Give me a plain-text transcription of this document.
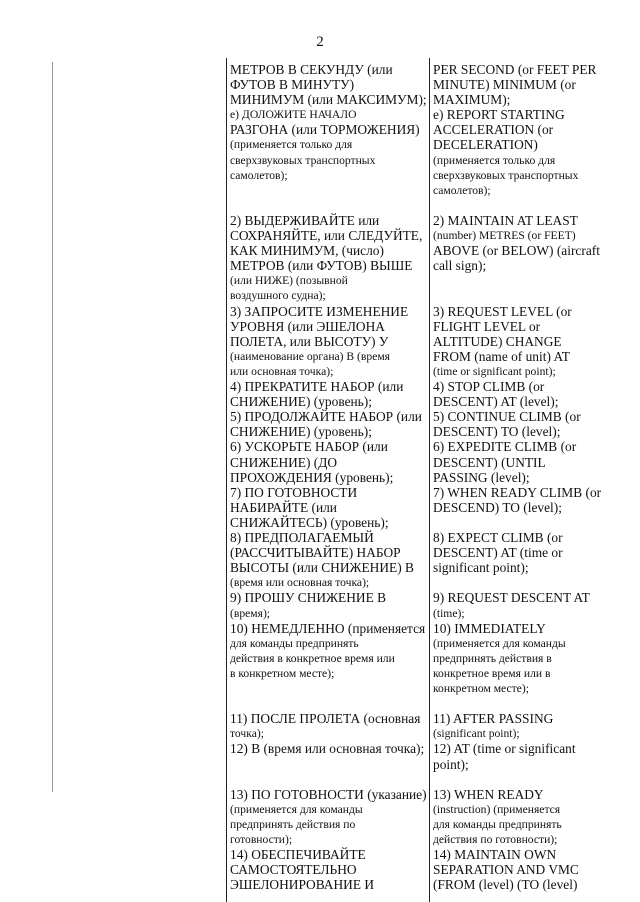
2
МЕТРОВ В СЕКУНДУ (или
ФУТОВ В МИНУТУ)
МИНИМУМ (или МАКСИМУМ);
е) ДОЛОЖИТЕ НАЧАЛО
РАЗГОНА (или ТОРМОЖЕНИЯ)
(применяется только для
сверхзвуковых транспортных
самолетов);
2) ВЫДЕРЖИВАЙТЕ или
СОХРАНЯЙТЕ, или СЛЕДУЙТЕ,
КАК МИНИМУМ, (число)
МЕТРОВ (или ФУТОВ) ВЫШЕ
(или НИЖЕ) (позывной
воздушного судна);
3) ЗАПРОСИТЕ ИЗМЕНЕНИЕ
УРОВНЯ (или ЭШЕЛОНА
ПОЛЕТА, или ВЫСОТУ) У
(наименование органа) В (время
или основная точка);
4) ПРЕКРАТИТЕ НАБОР (или
СНИЖЕНИЕ) (уровень);
5) ПРОДОЛЖАЙТЕ НАБОР (или
СНИЖЕНИЕ) (уровень);
6) УСКОРЬТЕ НАБОР (или
СНИЖЕНИЕ) (ДО
ПРОХОЖДЕНИЯ (уровень);
7) ПО ГОТОВНОСТИ
НАБИРАЙТЕ (или
СНИЖАЙТЕСЬ) (уровень);
8) ПРЕДПОЛАГАЕМЫЙ
(РАССЧИТЫВАЙТЕ) НАБОР
ВЫСОТЫ (или СНИЖЕНИЕ) В
(время или основная точка);
9) ПРОШУ СНИЖЕНИЕ В
(время);
10) НЕМЕДЛЕННО (применяется
для команды предпринять
действия в конкретное время или
в конкретном месте);
11) ПОСЛЕ ПРОЛЕТА (основная
точка);
12) В (время или основная точка);
13) ПО ГОТОВНОСТИ (указание)
(применяется для команды
предпринять действия по
готовности);
14) ОБЕСПЕЧИВАЙТЕ
САМОСТОЯТЕЛЬНО
ЭШЕЛОНИРОВАНИЕ И
PER SECOND (or FEET PER
MINUTE) MINIMUM (or
MAXIMUM);
e) REPORT STARTING
ACCELERATION (or
DECELERATION)
(применяется только для
сверхзвуковых транспортных
самолетов);
2) MAINTAIN AT LEAST
(number) METRES (or FEET)
ABOVE (or BELOW) (aircraft
call sign);
3) REQUEST LEVEL (or
FLIGHT LEVEL or
ALTITUDE) CHANGE
FROM (name of unit) AT
(time or significant point);
4) STOP CLIMB (or
DESCENT) AT (level);
5) CONTINUE CLIMB (or
DESCENT) TO (level);
6) EXPEDITE CLIMB (or
DESCENT) (UNTIL
PASSING (level);
7) WHEN READY CLIMB (or
DESCEND) TO (level);
8) EXPECT CLIMB (or
DESCENT) AT (time or
significant point);
9) REQUEST DESCENT AT
(time);
10) IMMEDIATELY
(применяется для команды
предпринять действия в
конкретное время или в
конкретном месте);
11) AFTER PASSING
(significant point);
12) AT (time or significant
point);
13) WHEN READY
(instruction) (применяется
для команды предпринять
действия по готовности);
14) MAINTAIN OWN
SEPARATION AND VMC
(FROM (level) (TO (level)
